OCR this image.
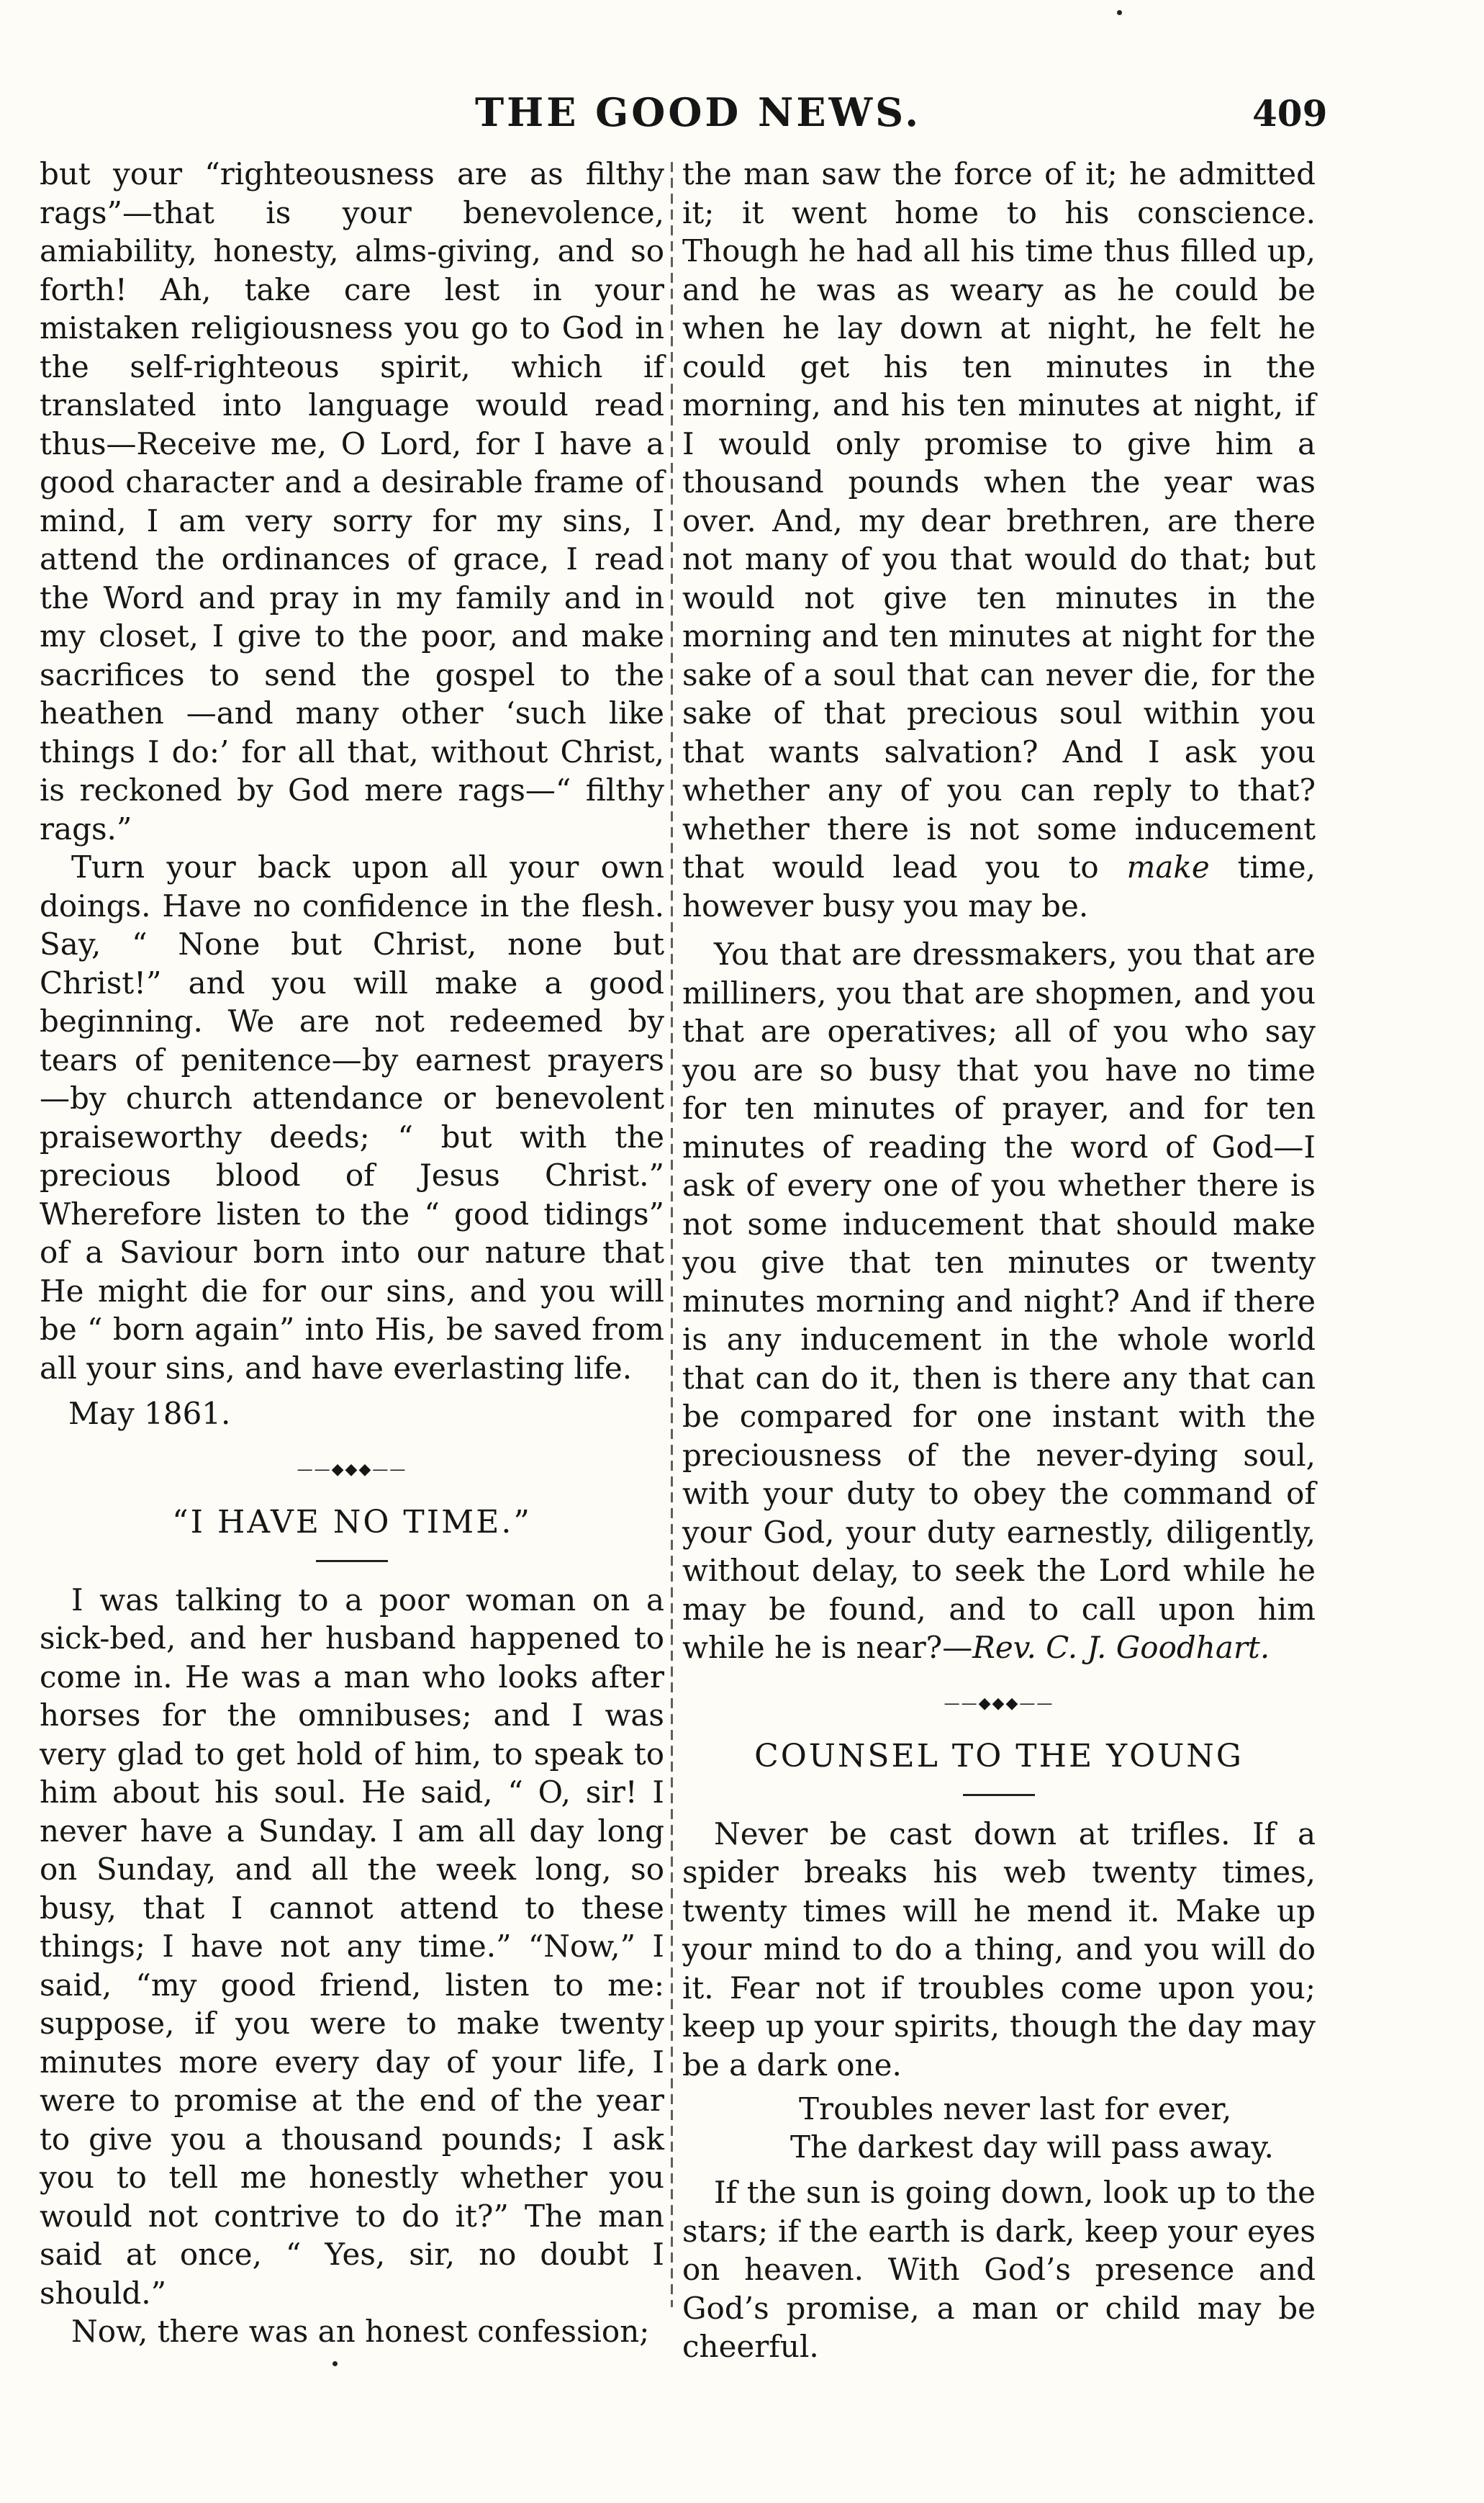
THE GOOD NEWS.	409

but your “righteousness are as filthy rags”—that is your benevolence, amiability, honesty, alms-giving, and so forth! Ah, take care lest in your mistaken religiousness you go to God in the self-righteous spirit, which if translated into language would read thus—Receive me, O Lord, for I have a good character and a desirable frame of mind, I am very sorry for my sins, I attend the ordinances of grace, I read the Word and pray in my family and in my closet, I give to the poor, and make sacrifices to send the gospel to the heathen —and many other ‘such like things I do:’ for all that, without Christ, is reckoned by God mere rags—“ filthy rags.”

Turn your back upon all your own doings. Have no confidence in the flesh. Say, “ None but Christ, none but Christ!” and you will make a good beginning. We are not redeemed by tears of penitence—by earnest prayers—by church attendance or benevolent praiseworthy deeds; “ but with the precious blood of Jesus Christ.” Wherefore listen to the “ good tidings” of a Saviour born into our nature that He might die for our sins, and you will be “ born again” into His, be saved from all your sins, and have everlasting life.

May 1861.
——◆◆◆——
“I HAVE NO TIME.”

I was talking to a poor woman on a sick-bed, and her husband happened to come in. He was a man who looks after horses for the omnibuses; and I was very glad to get hold of him, to speak to him about his soul. He said, “ O, sir! I never have a Sunday. I am all day long on Sunday, and all the week long, so busy, that I cannot attend to these things; I have not any time.” “Now,” I said, “my good friend, listen to me: suppose, if you were to make twenty minutes more every day of your life, I were to promise at the end of the year to give you a thousand pounds; I ask you to tell me honestly whether you would not contrive to do it?” The man said at once, “ Yes, sir, no doubt I should.”

Now, there was an honest confession;

the man saw the force of it; he admitted it; it went home to his conscience. Though he had all his time thus filled up, and he was as weary as he could be when he lay down at night, he felt he could get his ten minutes in the morning, and his ten minutes at night, if I would only promise to give him a thousand pounds when the year was over. And, my dear brethren, are there not many of you that would do that; but would not give ten minutes in the morning and ten minutes at night for the sake of a soul that can never die, for the sake of that precious soul within you that wants salvation? And I ask you whether any of you can reply to that? whether there is not some inducement that would lead you to make time, however busy you may be.

You that are dressmakers, you that are milliners, you that are shopmen, and you that are operatives; all of you who say you are so busy that you have no time for ten minutes of prayer, and for ten minutes of reading the word of God—I ask of every one of you whether there is not some inducement that should make you give that ten minutes or twenty minutes morning and night? And if there is any inducement in the whole world that can do it, then is there any that can be compared for one instant with the preciousness of the never-dying soul, with your duty to obey the command of your God, your duty earnestly, diligently, without delay, to seek the Lord while he may be found, and to call upon him while he is near?—Rev. C. J. Goodhart.

——◆◆◆——
COUNSEL TO THE YOUNG

Never be cast down at trifles. If a spider breaks his web twenty times, twenty times will he mend it. Make up your mind to do a thing, and you will do it. Fear not if troubles come upon you; keep up your spirits, though the day may be a dark one.

Troubles never last for ever,
The darkest day will pass away.

If the sun is going down, look up to the stars; if the earth is dark, keep your eyes on heaven. With God’s presence and God’s promise, a man or child may be cheerful.
